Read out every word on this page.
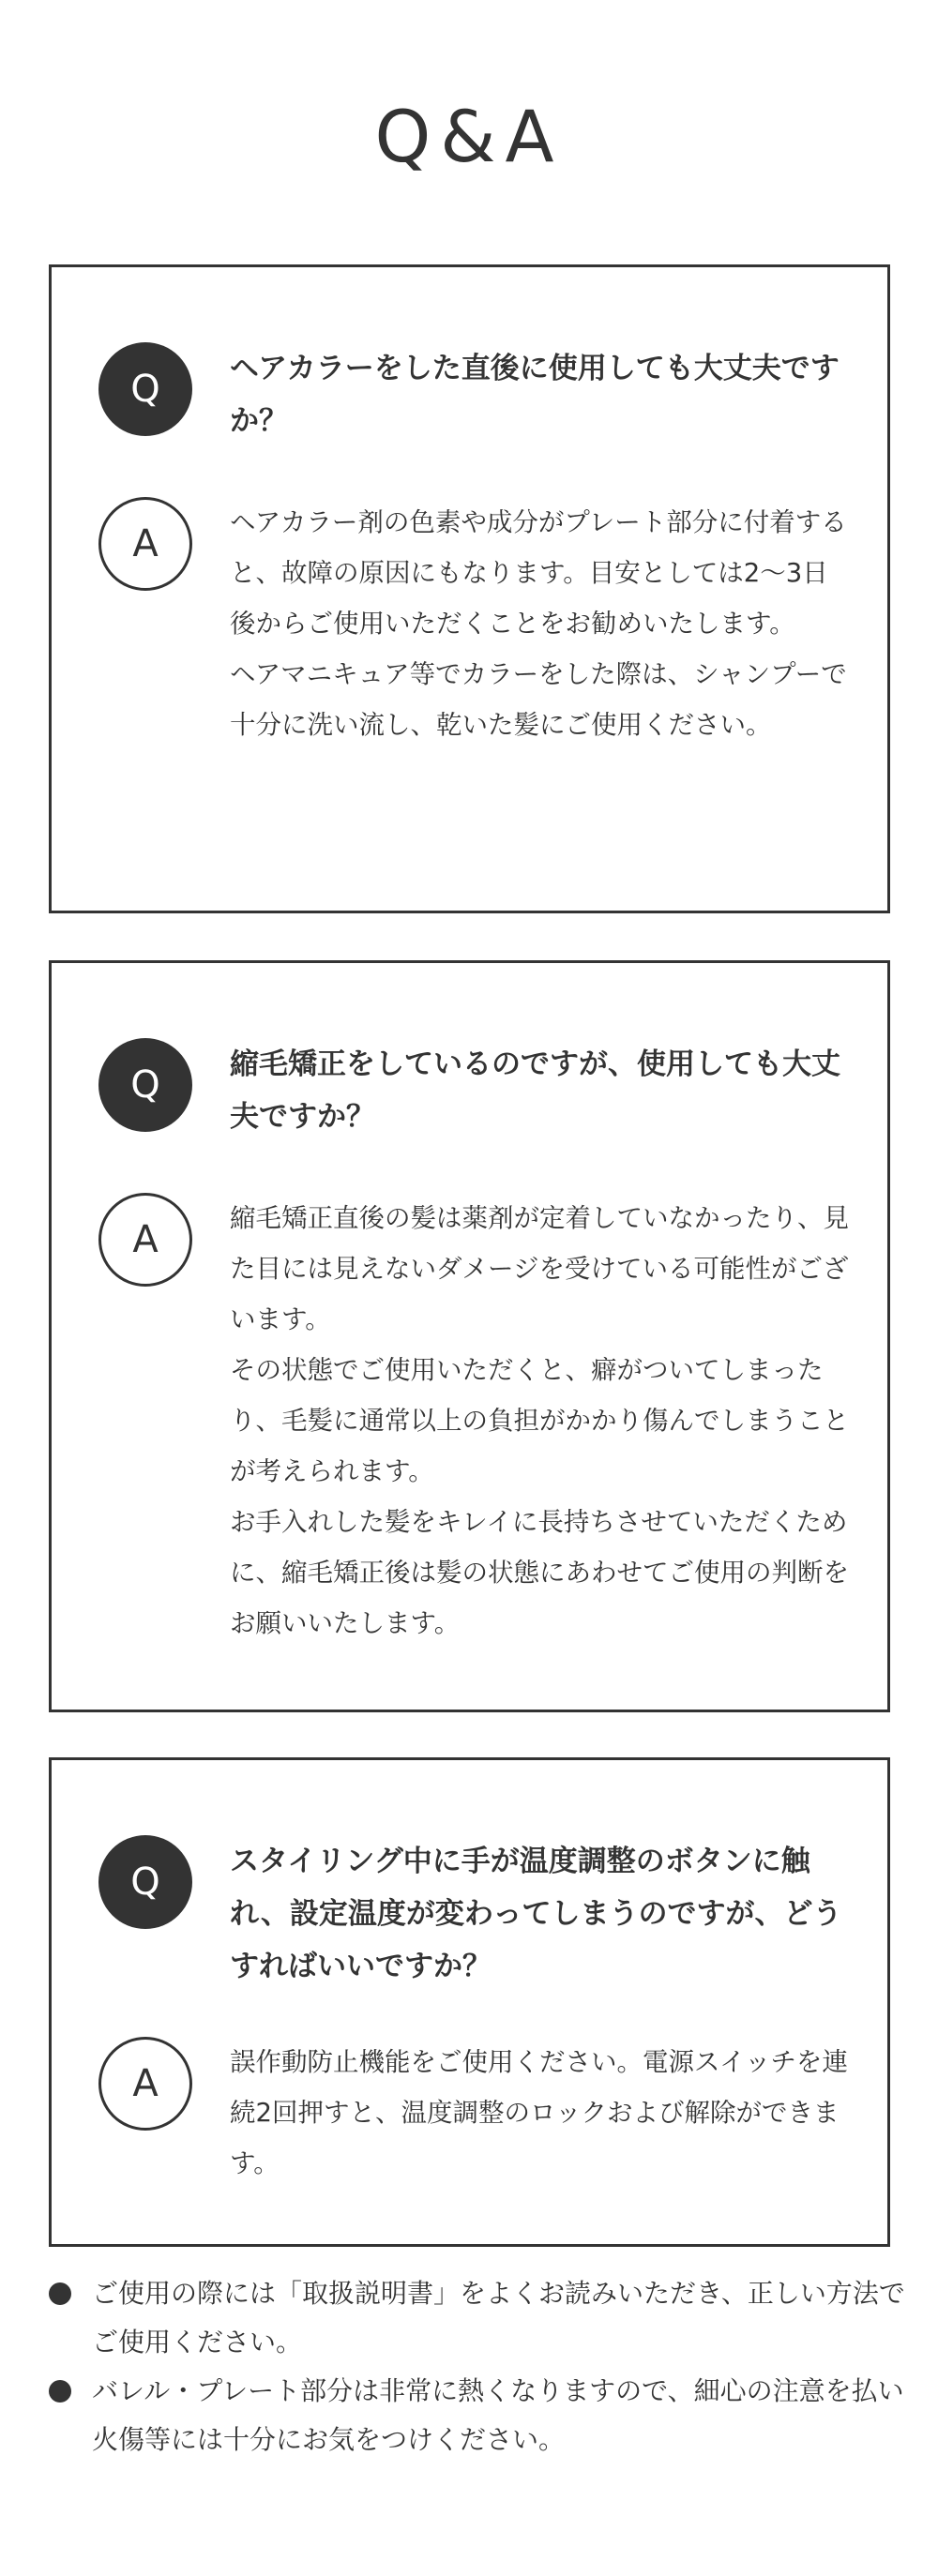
Q&A
Q	ヘアカラーをした直後に使用しても大丈夫ですか？
A	ヘアカラー剤の色素や成分がプレート部分に付着すると、故障の原因にもなります。目安としては2〜3日後からご使用いただくことをお勧めいたします。

ヘアマニキュア等でカラーをした際は、シャンプーで十分に洗い流し、乾いた髪にご使用ください。

Q	縮毛矯正をしているのですが、使用しても大丈夫ですか？
A	縮毛矯正直後の髪は薬剤が定着していなかったり、見た目には見えないダメージを受けている可能性がございます。

その状態でご使用いただくと、癖がついてしまったり、毛髪に通常以上の負担がかかり傷んでしまうことが考えられます。

お手入れした髪をキレイに長持ちさせていただくために、縮毛矯正後は髪の状態にあわせてご使用の判断をお願いいたします。

Q	スタイリング中に手が温度調整のボタンに触れ、設定温度が変わってしまうのですが、どうすればいいですか？
A	誤作動防止機能をご使用ください。電源スイッチを連続2回押すと、温度調整のロックおよび解除ができます。

ご使用の際には「取扱説明書」をよくお読みいただき、正しい方法でご使用ください。
バレル・プレート部分は非常に熱くなりますので、細心の注意を払い火傷等には十分にお気をつけください。
